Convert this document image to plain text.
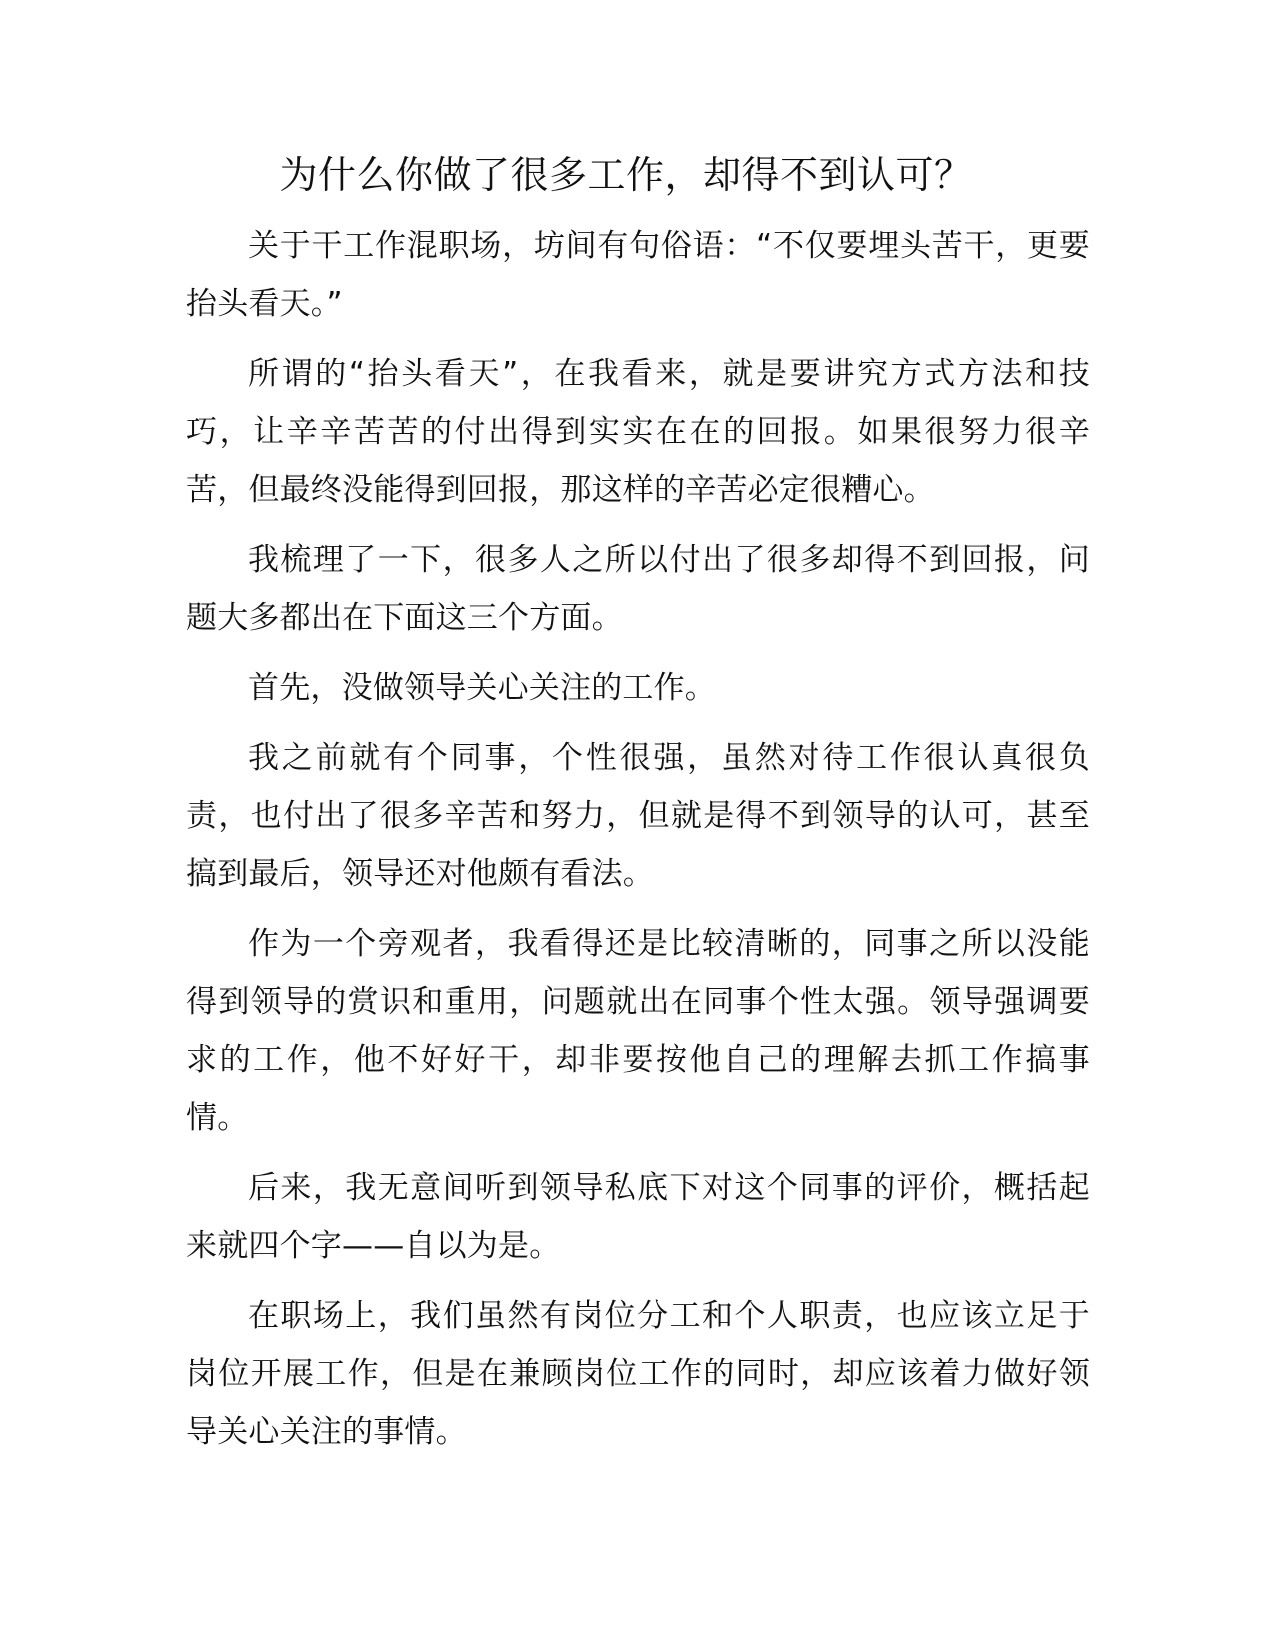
为什么你做了很多工作，却得不到认可？

关于干工作混职场，坊间有句俗语：“不仅要埋头苦干，更要抬头看天。”

所谓的“抬头看天”，在我看来，就是要讲究方式方法和技巧，让辛辛苦苦的付出得到实实在在的回报。如果很努力很辛苦，但最终没能得到回报，那这样的辛苦必定很糟心。

我梳理了一下，很多人之所以付出了很多却得不到回报，问题大多都出在下面这三个方面。

首先，没做领导关心关注的工作。

我之前就有个同事，个性很强，虽然对待工作很认真很负责，也付出了很多辛苦和努力，但就是得不到领导的认可，甚至搞到最后，领导还对他颇有看法。

作为一个旁观者，我看得还是比较清晰的，同事之所以没能得到领导的赏识和重用，问题就出在同事个性太强。领导强调要求的工作，他不好好干，却非要按他自己的理解去抓工作搞事情。

后来，我无意间听到领导私底下对这个同事的评价，概括起来就四个字——自以为是。

在职场上，我们虽然有岗位分工和个人职责，也应该立足于岗位开展工作，但是在兼顾岗位工作的同时，却应该着力做好领导关心关注的事情。
